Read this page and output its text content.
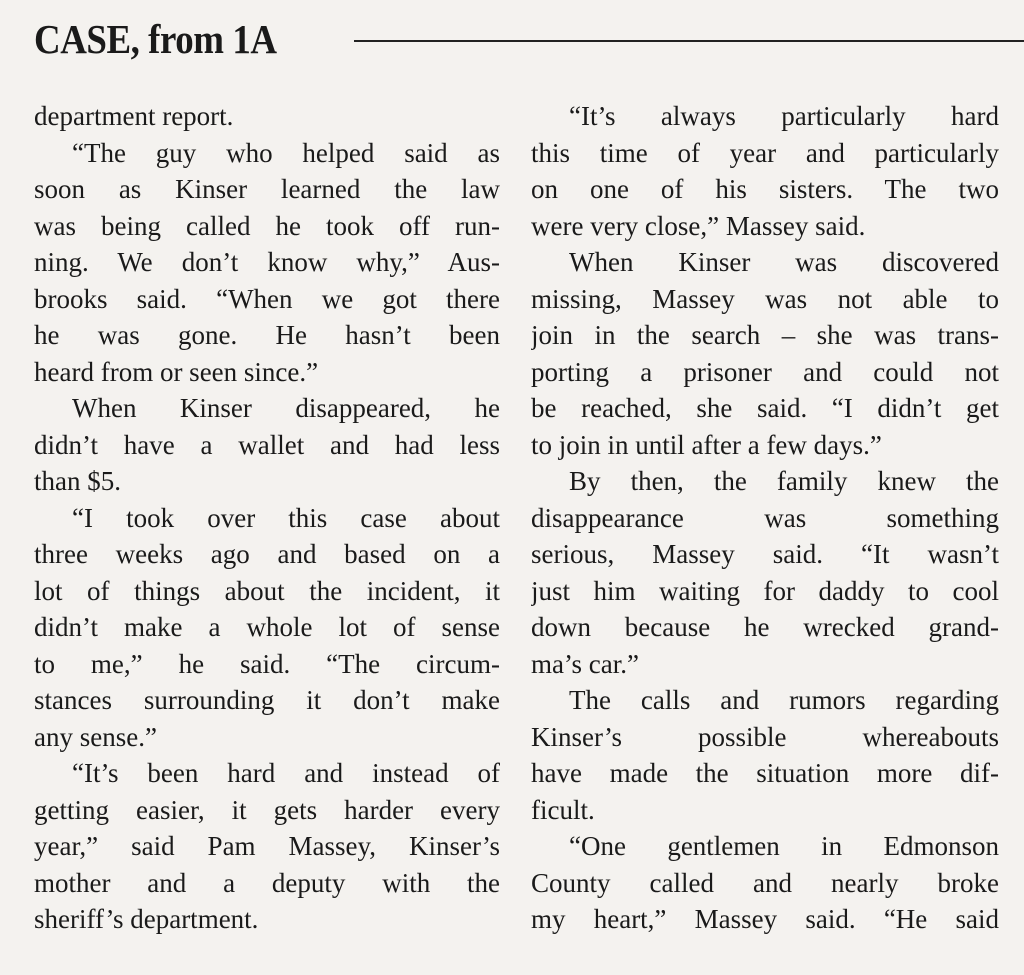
CASE, from 1A
department report.
“The guy who helped said as
soon as Kinser learned the law
was being called he took off run-
ning. We don’t know why,” Aus-
brooks said. “When we got there
he was gone. He hasn’t been
heard from or seen since.”
When Kinser disappeared, he
didn’t have a wallet and had less
than $5.
“I took over this case about
three weeks ago and based on a
lot of things about the incident, it
didn’t make a whole lot of sense
to me,” he said. “The circum-
stances surrounding it don’t make
any sense.”
“It’s been hard and instead of
getting easier, it gets harder every
year,” said Pam Massey, Kinser’s
mother and a deputy with the
sheriff’s department.
“It’s always particularly hard
this time of year and particularly
on one of his sisters. The two
were very close,” Massey said.
When Kinser was discovered
missing, Massey was not able to
join in the search – she was trans-
porting a prisoner and could not
be reached, she said. “I didn’t get
to join in until after a few days.”
By then, the family knew the
disappearance was something
serious, Massey said. “It wasn’t
just him waiting for daddy to cool
down because he wrecked grand-
ma’s car.”
The calls and rumors regarding
Kinser’s possible whereabouts
have made the situation more dif-
ficult.
“One gentlemen in Edmonson
County called and nearly broke
my heart,” Massey said. “He said
